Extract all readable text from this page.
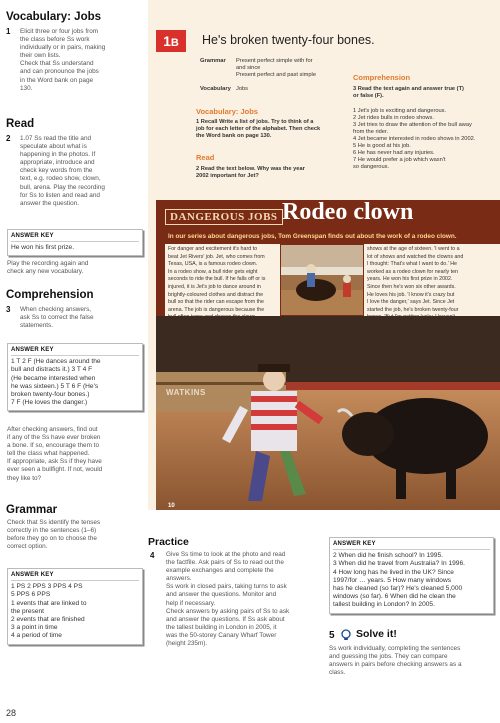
Vocabulary: Jobs
1 Elicit three or four jobs from
the class before Ss work
individually or in pairs, making
their own lists.
Check that Ss understand
and can pronounce the jobs
in the Word bank on page
130.
Read
2 1.07 Ss read the title and
speculate about what is
happening in the photos. If
appropriate, introduce and
check key words from the
text, e.g. rodeo show, clown,
bull, arena. Play the recording
for Ss to listen and read and
answer the question.
ANSWER KEY
He won his first prize.
Play the recording again and
check any new vocabulary.
Comprehension
3 When checking answers,
ask Ss to correct the false
statements.
ANSWER KEY
1 T 2 F (He dances around the
bull and distracts it.) 3 T 4 F
(He became interested when
he was sixteen.) 5 T 6 F (He's
broken twenty-four bones.)
7 F (He loves the danger.)
After checking answers, find out
if any of the Ss have ever broken
a bone. If so, encourage them to
tell the class what happened.
If appropriate, ask Ss if they have
ever seen a bullfight. If not, would
they like to?
Grammar
Check that Ss identify the tenses
correctly in the sentences (1–6)
before they go on to choose the
correct option.
ANSWER KEY
1 PS 2 PPS 3 PPS 4 PS
5 PPS 6 PPS
1 events that are linked to
the present
2 events that are finished
3 a point in time
4 a period of time
28
1B	He's broken twenty-four bones.
Grammar Present perfect simple with for
and since
Present perfect and past simple
Vocabulary Jobs
Vocabulary: Jobs
1 Recall Write a list of jobs. Try to think of a
job for each letter of the alphabet. Then check
the Word bank on page 130.
Read
2 Read the text below. Why was the year
2002 important for Jet?
Comprehension
3 Read the text again and answer true (T)
or false (F).
1 Jet's job is exciting and dangerous.
2 Jet rides bulls in rodeo shows.
3 Jet tries to draw the attention of the bull away
from the rider.
4 Jet became interested in rodeo shows in 2002.
5 He is good at his job.
6 He has never had any injuries.
7 He would prefer a job which wasn't
so dangerous.
DANGEROUS JOBS Rodeo clown
In our series about dangerous jobs, Tom Greenspan finds out about the work of a rodeo clown.
For danger and excitement it's hard to
beat Jet Rivers' job. Jet, who comes from
Texas, USA, is a famous rodeo clown.
In a rodeo show, a bull rider gets eight
seconds to ride the bull. If he falls off or is
injured, it is Jet's job to dance around in
brightly-coloured clothes and distract the
bull so that the rider can escape from the
arena. The job is dangerous because the
shows at the age of sixteen. 'I went to a
lot of shows and watched the clowns and
I thought: That's what I want to do.' He
worked as a rodeo clown for nearly ten
years. He won his first prize in 2002.
Since then he's won six other awards.
He loves his job. 'I know it's crazy but
I love the danger,' says Jet. Since Jet
started the job, he's broken twenty-four
WATKINS
10
Practice
4 Give Ss time to look at the photo and read
the factfile. Ask pairs of Ss to read out the
example exchanges and complete the
answers.
Ss work in closed pairs, taking turns to ask
and answer the questions. Monitor and
help if necessary.
Check answers by asking pairs of Ss to ask
and answer the questions. If Ss ask about
the tallest building in London in 2005, it
was the 50-storey Canary Wharf Tower
(height 235m).
ANSWER KEY
2 When did he finish school? In 1995.
3 When did he travel from Australia? In 1996.
4 How long has he lived in the UK? Since
1997/for … years. 5 How many windows
has he cleaned (so far)? He's cleaned 5,000
windows (so far). 6 When did he clean the
tallest building in London? In 2005.
5 Solve it!
Ss work individually, completing the sentences
and guessing the jobs. They can compare
answers in pairs before checking answers as a
class.
